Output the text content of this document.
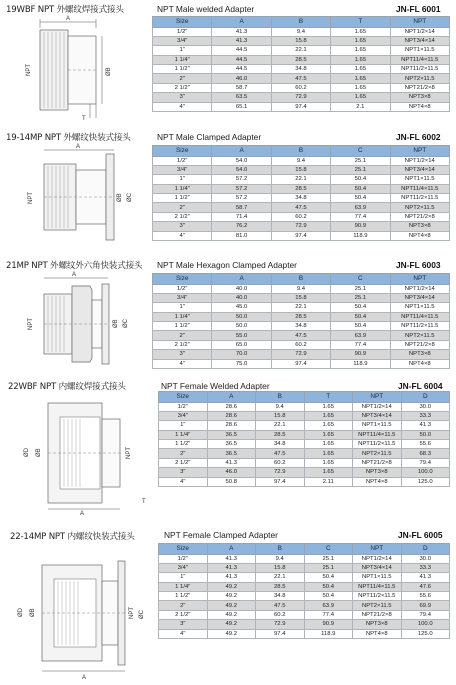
19WBF NPT 外螺纹焊接式接头	NPT Male welded Adapter	JN-FL 6001
A
NPT	ØB
T
Size	A	B	T	NPT
1/2"	41.3	9.4	1.65	NPT1/2×14
3/4"	41.3	15.8	1.65	NPT3/4×14
1"	44.5	22.1	1.65	NPT1×11.5
1 1/4"	44.5	28.5	1.65	NPT11/4×11.5
1 1/2"	44.5	34.8	1.65	NPT11/2×11.5
2"	46.0	47.5	1.65	NPT2×11.5
2 1/2"	58.7	60.2	1.65	NPT21/2×8
3"	63.5	72.9	1.65	NPT3×8
4"	65.1	97.4	2.1	NPT4×8
19-14MP NPT 外螺纹快装式接头	NPT Male Clamped Adapter	JN-FL 6002
A
NPT	ØB ØC
Size	A	B	C	NPT
1/2"	54.0	9.4	25.1	NPT1/2×14
3/4"	54.0	15.8	25.1	NPT3/4×14
1"	57.2	22.1	50.4	NPT1×11.5
1 1/4"	57.2	28.5	50.4	NPT11/4×11.5
1 1/2"	57.2	34.8	50.4	NPT11/2×11.5
2"	58.7	47.5	63.9	NPT2×11.5
2 1/2"	71.4	60.2	77.4	NPT21/2×8
3"	76.2	72.9	90.9	NPT3×8
4"	81.0	97.4	118.9	NPT4×8
21MP NPT 外螺纹外六角快装式接头 NPT Male Hexagon Clamped Adapter	JN-FL 6003
A
NPT	ØB ØC
Size	A	B	C	NPT
1/2"	40.0	9.4	25.1	NPT1/2×14
3/4"	40.0	15.8	25.1	NPT3/4×14
1"	45.0	22.1	50.4	NPT1×11.5
1 1/4"	50.0	28.5	50.4	NPT11/4×11.5
1 1/2"	50.0	34.8	50.4	NPT11/2×11.5
2"	55.0	47.5	63.9	NPT2×11.5
2 1/2"	65.0	60.2	77.4	NPT21/2×8
3"	70.0	72.9	90.9	NPT3×8
4"	75.0	97.4	118.9	NPT4×8
22WBF NPT 内螺纹焊接式接头	NPT Female Welded Adapter	JN-FL 6004
ØD ØB	NPT
A
T
Size	A	B	T	NPT	D
1/2"	28.6	9.4	1.65	NPT1/2×14	30.0
3/4"	28.6	15.8	1.65	NPT3/4×14	33.3
1"	28.6	22.1	1.65	NPT1×11.5	41.3
1 1/4"	36.5	28.5	1.65	NPT11/4×11.5	50.0
1 1/2"	36.5	34.8	1.65	NPT11/2×11.5	55.6
2"	36.5	47.5	1.65	NPT2×11.5	68.3
2 1/2"	41.3	60.2	1.65	NPT21/2×8	79.4
3"	46.0	72.9	1.65	NPT3×8	100.0
4"	50.8	97.4	2.11	NPT4×8	125.0
22-14MP NPT 内螺纹快装式接头	NPT Female Clamped Adapter	JN-FL 6005
ØD ØB	NPT ØC
A
Size	A	B	C	NPT	D
1/2"	41.3	9.4	25.1	NPT1/2×14	30.0
3/4"	41.3	15.8	25.1	NPT3/4×14	33.3
1"	41.3	22.1	50.4	NPT1×11.5	41.3
1 1/4"	49.2	28.5	50.4	NPT11/4×11.5	47.6
1 1/2"	49.2	34.8	50.4	NPT11/2×11.5	55.6
2"	49.2	47.5	63.9	NPT2×11.5	69.9
2 1/2"	49.2	60.2	77.4	NPT21/2×8	79.4
3"	49.2	72.9	90.9	NPT3×8	100.0
4"	49.2	97.4	118.9	NPT4×8	125.0
